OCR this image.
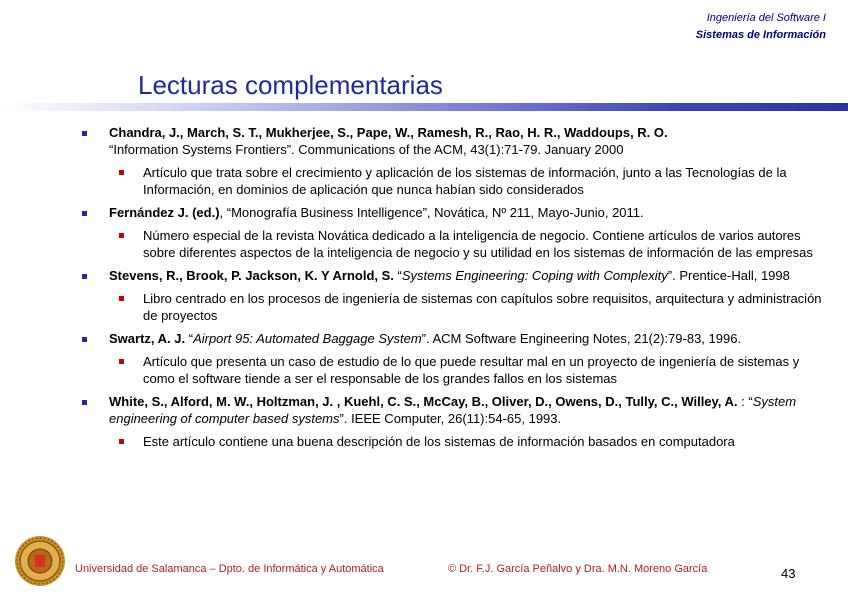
Ingeniería del Software I
Sistemas de Información
Lecturas complementarias
Chandra, J., March, S. T., Mukherjee, S., Pape, W., Ramesh, R., Rao, H. R., Waddoups, R. O.
“Information Systems Frontiers”. Communications of the ACM, 43(1):71-79. January 2000
Artículo que trata sobre el crecimiento y aplicación de los sistemas de información, junto a las Tecnologías de la Información, en dominios de aplicación que nunca habían sido considerados
Fernández J. (ed.), “Monografía Business Intelligence”, Novática, Nº 211, Mayo-Junio, 2011.
Número especial de la revista Novática dedicado a la inteligencia de negocio. Contiene artículos de varios autores sobre diferentes aspectos de la inteligencia de negocio y su utilidad en los sistemas de información de las empresas
Stevens, R., Brook, P. Jackson, K. Y Arnold, S. “Systems Engineering: Coping with Complexity”. Prentice-Hall, 1998
Libro centrado en los procesos de ingeniería de sistemas con capítulos sobre requisitos, arquitectura y administración de proyectos
Swartz, A. J. “Airport 95: Automated Baggage System”. ACM Software Engineering Notes, 21(2):79-83, 1996.
Artículo que presenta un caso de estudio de lo que puede resultar mal en un proyecto de ingeniería de sistemas y como el software tiende a ser el responsable de los grandes fallos en los sistemas
White, S., Alford, M. W., Holtzman, J. , Kuehl, C. S., McCay, B., Oliver, D., Owens, D., Tully, C., Willey, A. : “System engineering of computer based systems”. IEEE Computer, 26(11):54-65, 1993.
Este artículo contiene una buena descripción de los sistemas de información basados en computadora
Universidad de Salamanca – Dpto. de Informática y Automática	© Dr. F.J. García Peñalvo y Dra. M.N. Moreno García	43
